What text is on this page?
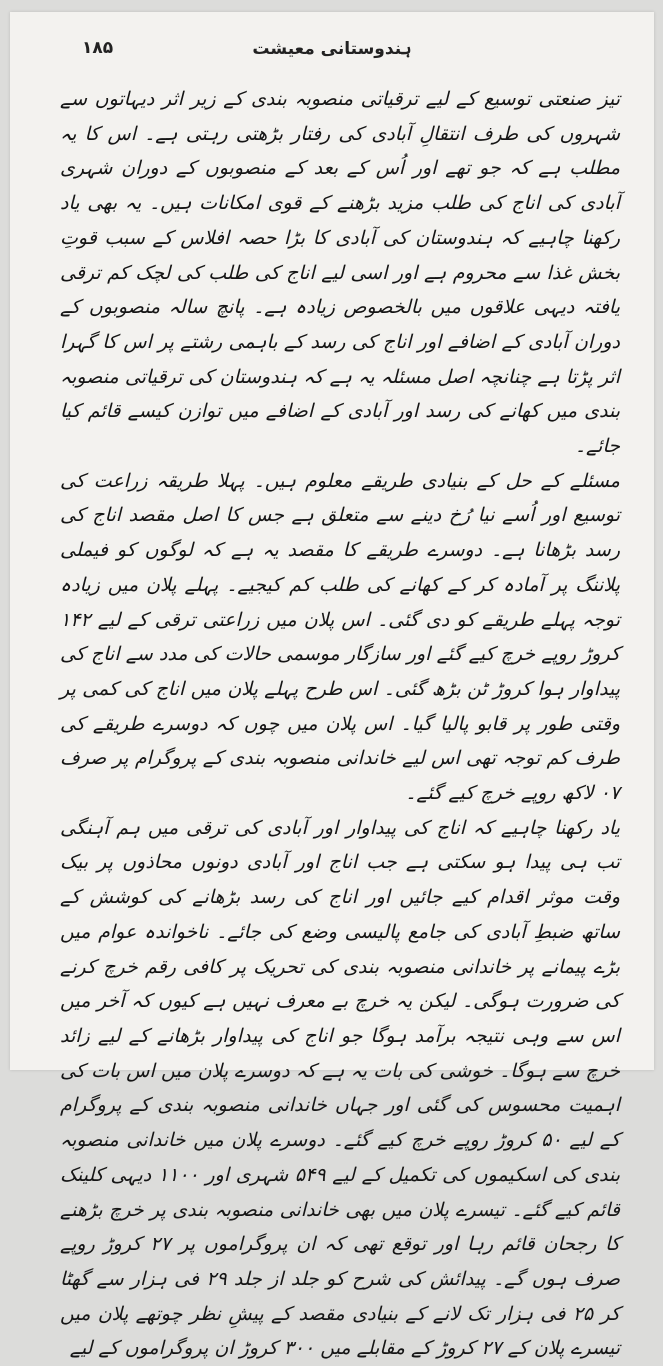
۱۸۵	ہندوستانی معیشت

تیز صنعتی توسیع کے لیے ترقیاتی منصوبہ بندی کے زیر اثر دیہاتوں سے شہروں کی طرف انتقالِ آبادی کی رفتار بڑھتی رہتی ہے۔ اس کا یہ مطلب ہے کہ جو تھے اور اُس کے بعد کے منصوبوں کے دوران شہری آبادی کی اناج کی طلب مزید بڑھنے کے قوی امکانات ہیں۔ یہ بھی یاد رکھنا چاہیے کہ ہندوستان کی آبادی کا بڑا حصہ افلاس کے سبب قوتِ بخش غذا سے محروم ہے اور اسی لیے اناج کی طلب کی لچک کم ترقی یافتہ دیہی علاقوں میں بالخصوص زیادہ ہے۔ پانچ سالہ منصوبوں کے دوران آبادی کے اضافے اور اناج کی رسد کے باہمی رشتے پر اس کا گہرا اثر پڑتا ہے چنانچہ اصل مسئلہ یہ ہے کہ ہندوستان کی ترقیاتی منصوبہ بندی میں کھانے کی رسد اور آبادی کے اضافے میں توازن کیسے قائم کیا جائے۔

مسئلے کے حل کے بنیادی طریقے معلوم ہیں۔ پہلا طریقہ زراعت کی توسیع اور اُسے نیا رُخ دینے سے متعلق ہے جس کا اصل مقصد اناج کی رسد بڑھانا ہے۔ دوسرے طریقے کا مقصد یہ ہے کہ لوگوں کو فیملی پلاننگ پر آمادہ کر کے کھانے کی طلب کم کیجیے۔ پہلے پلان میں زیادہ توجہ پہلے طریقے کو دی گئی۔ اس پلان میں زراعتی ترقی کے لیے ۱۴۲ کروڑ روپے خرچ کیے گئے اور سازگار موسمی حالات کی مدد سے اناج کی پیداوار ہوا کروڑ ٹن بڑھ گئی۔ اس طرح پہلے پلان میں اناج کی کمی پر وقتی طور پر قابو پالیا گیا۔ اس پلان میں چوں کہ دوسرے طریقے کی طرف کم توجہ تھی اس لیے خاندانی منصوبہ بندی کے پروگرام پر صرف ۰۷ لاکھ روپے خرچ کیے گئے۔

یاد رکھنا چاہیے کہ اناج کی پیداوار اور آبادی کی ترقی میں ہم آہنگی تب ہی پیدا ہو سکتی ہے جب اناج اور آبادی دونوں محاذوں پر بیک وقت موثر اقدام کیے جائیں اور اناج کی رسد بڑھانے کی کوشش کے ساتھ ضبطِ آبادی کی جامع پالیسی وضع کی جائے۔ ناخواندہ عوام میں بڑے پیمانے پر خاندانی منصوبہ بندی کی تحریک پر کافی رقم خرچ کرنے کی ضرورت ہوگی۔ لیکن یہ خرچ بے معرف نہیں ہے کیوں کہ آخر میں اس سے وہی نتیجہ برآمد ہوگا جو اناج کی پیداوار بڑھانے کے لیے زائد خرچ سے ہوگا۔ خوشی کی بات یہ ہے کہ دوسرے پلان میں اس بات کی اہمیت محسوس کی گئی اور جہاں خاندانی منصوبہ بندی کے پروگرام کے لیے ۵۰ کروڑ روپے خرچ کیے گئے۔ دوسرے پلان میں خاندانی منصوبہ بندی کی اسکیموں کی تکمیل کے لیے ۵۴۹ شہری اور ۱۱۰۰ دیہی کلینک قائم کیے گئے۔ تیسرے پلان میں بھی خاندانی منصوبہ بندی پر خرچ بڑھنے کا رجحان قائم رہا اور توقع تھی کہ ان پروگراموں پر ۲۷ کروڑ روپے صرف ہوں گے۔ پیدائش کی شرح کو جلد از جلد ۲۹ فی ہزار سے گھٹا کر ۲۵ فی ہزار تک لانے کے بنیادی مقصد کے پیشِ نظر چوتھے پلان میں تیسرے پلان کے ۲۷ کروڑ کے مقابلے میں ۳۰۰ کروڑ ان پروگراموں کے لیے
